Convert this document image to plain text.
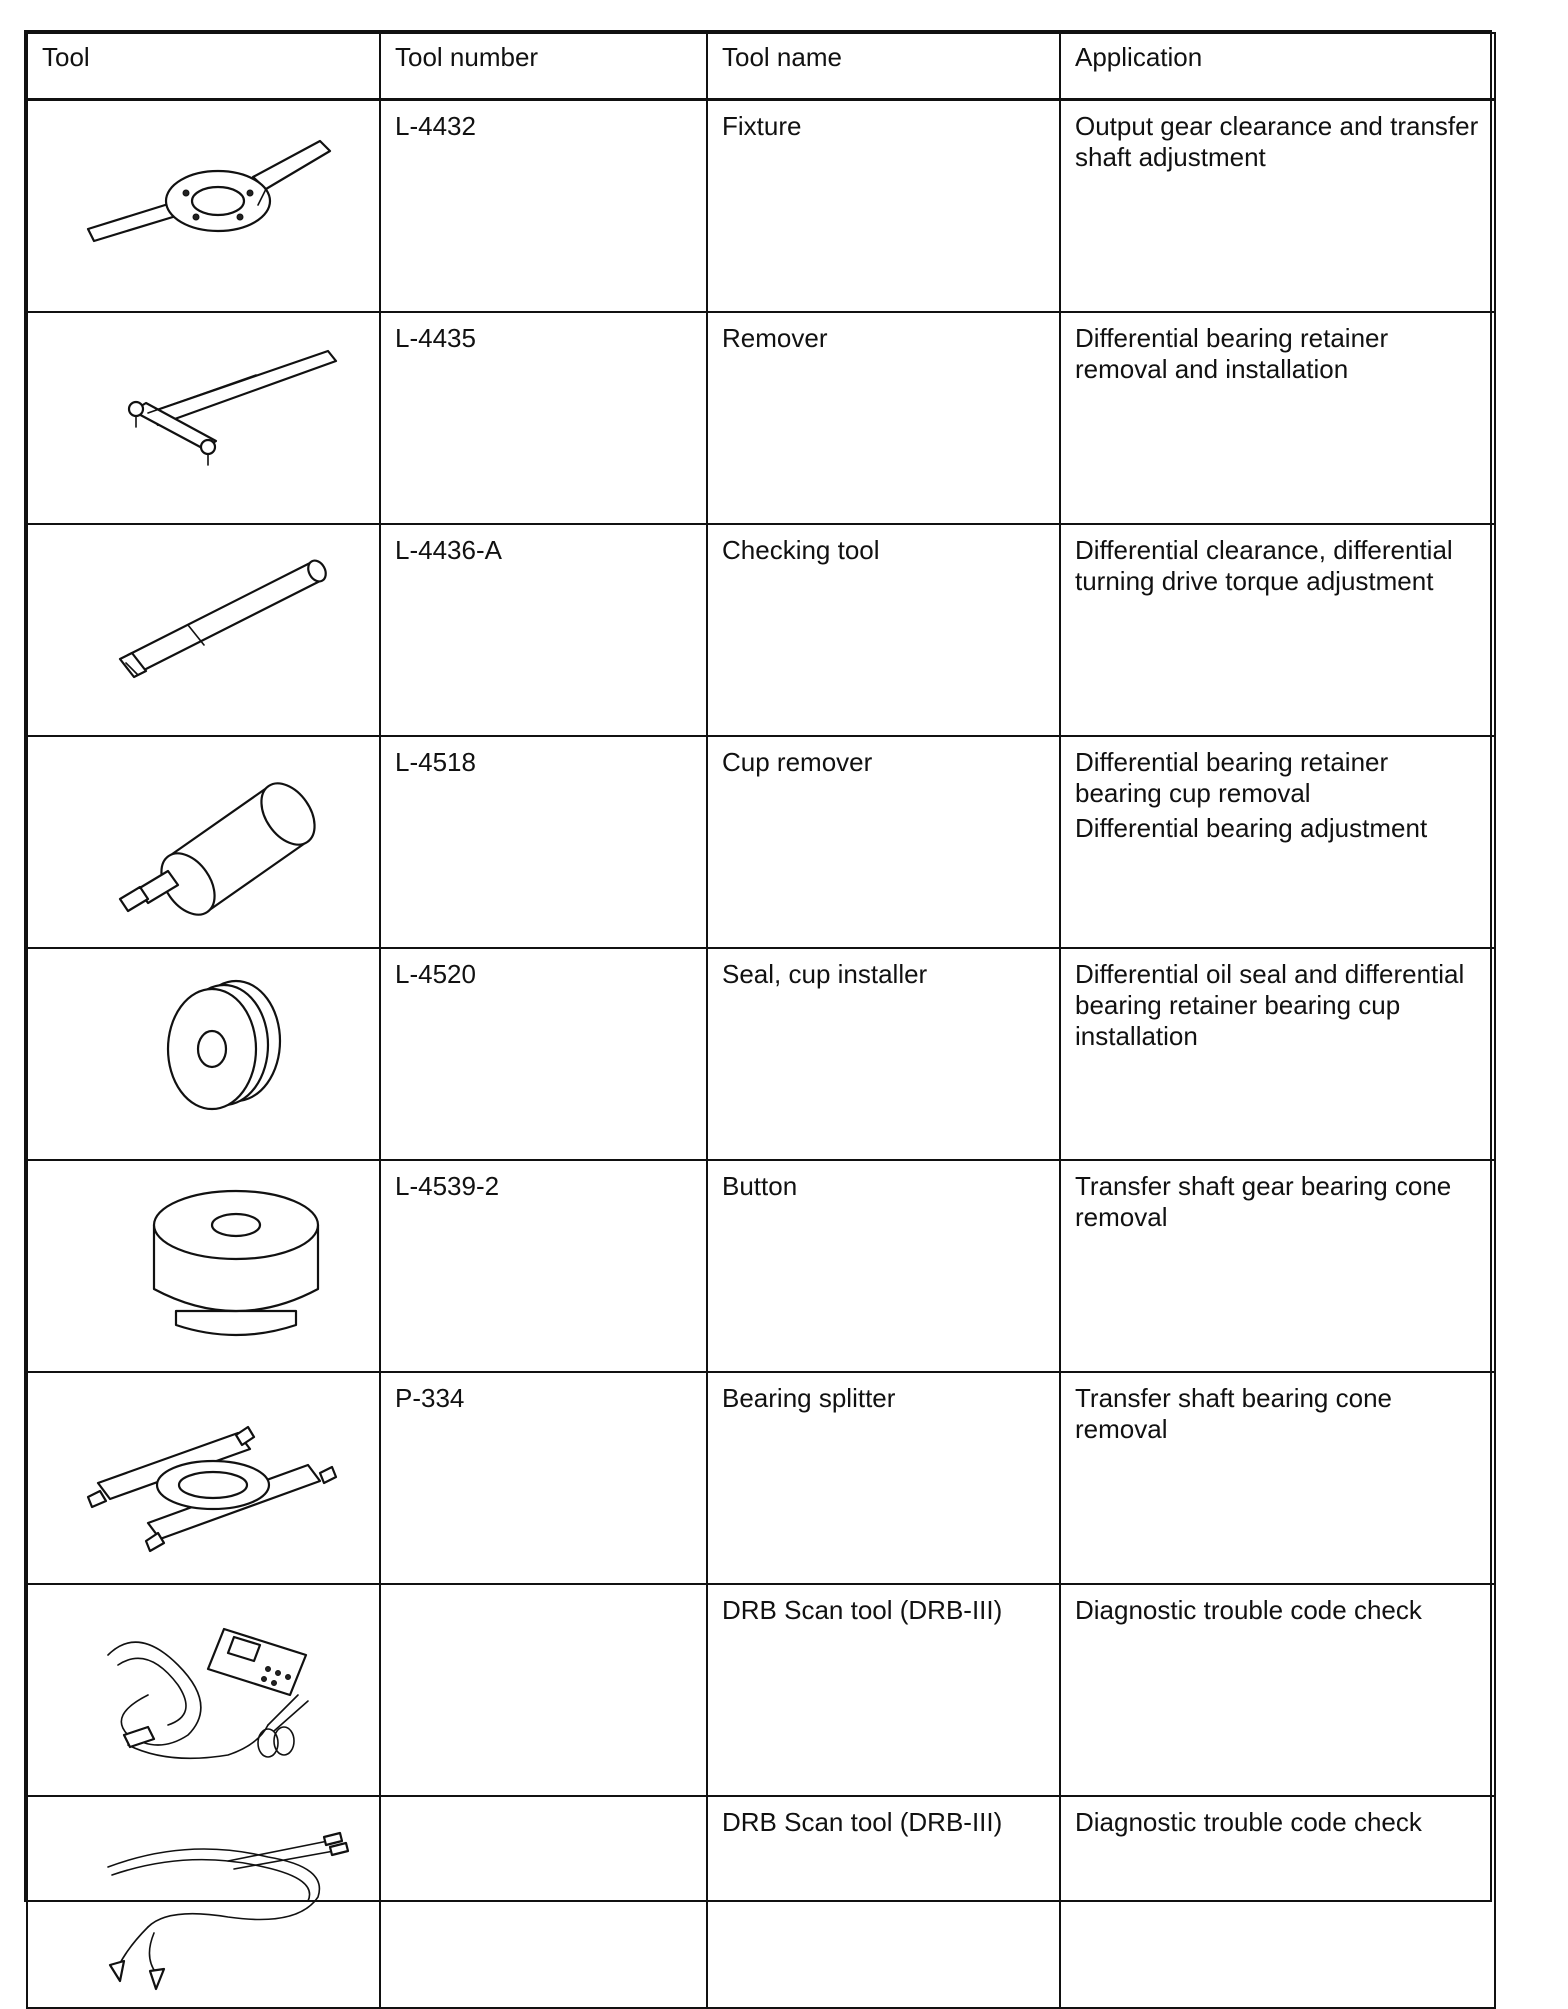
Tool	Tool number	Tool name	Application

	L-4432	Fixture	Output gear clearance and transfer shaft adjustment

	L-4435	Remover	Differential bearing retainer removal and installation

	L-4436-A	Checking tool	Differential clearance, differential turning drive torque adjustment

	L-4518	Cup remover	Differential bearing retainer bearing cup removal
Differential bearing adjustment

	L-4520	Seal, cup installer	Differential oil seal and differential bearing retainer bearing cup installation

	L-4539-2	Button	Transfer shaft gear bearing cone removal

	P-334	Bearing splitter	Transfer shaft bearing cone removal

		DRB Scan tool (DRB-III)	Diagnostic trouble code check

		DRB Scan tool (DRB-III)	Diagnostic trouble code check
